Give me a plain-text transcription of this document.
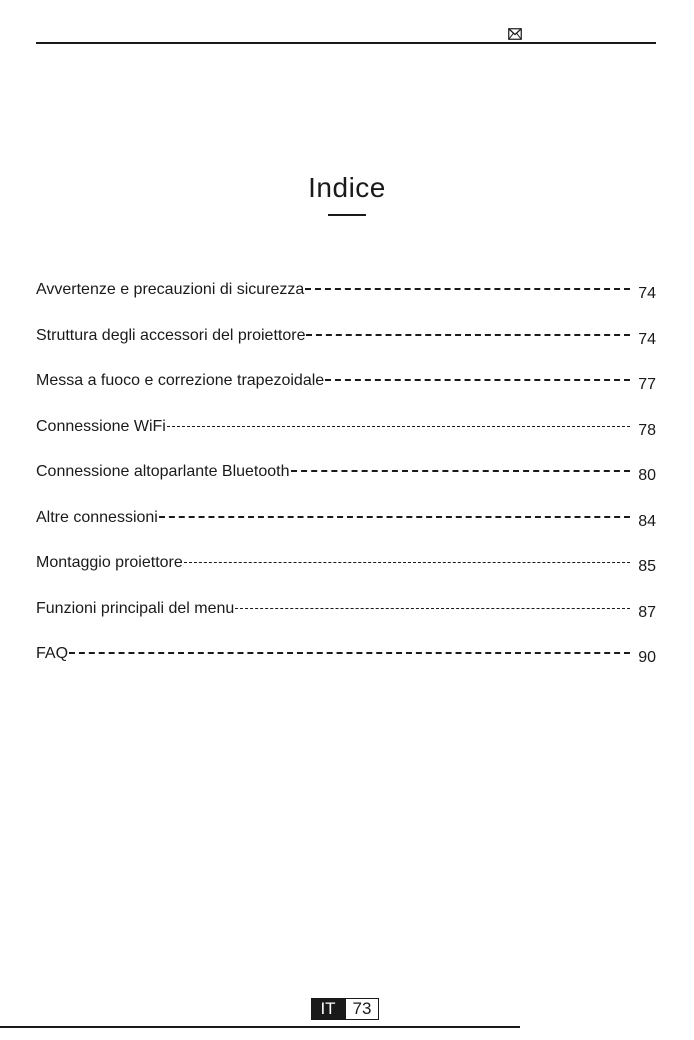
Indice
Avvertenze e precauzioni di sicurezza	74
Struttura degli accessori del proiettore	74
Messa a fuoco e correzione trapezoidale	77
Connessione WiFi	78
Connessione altoparlante Bluetooth	80
Altre connessioni	84
Montaggio proiettore	85
Funzioni principali del menu	87
FAQ	90
IT 73
